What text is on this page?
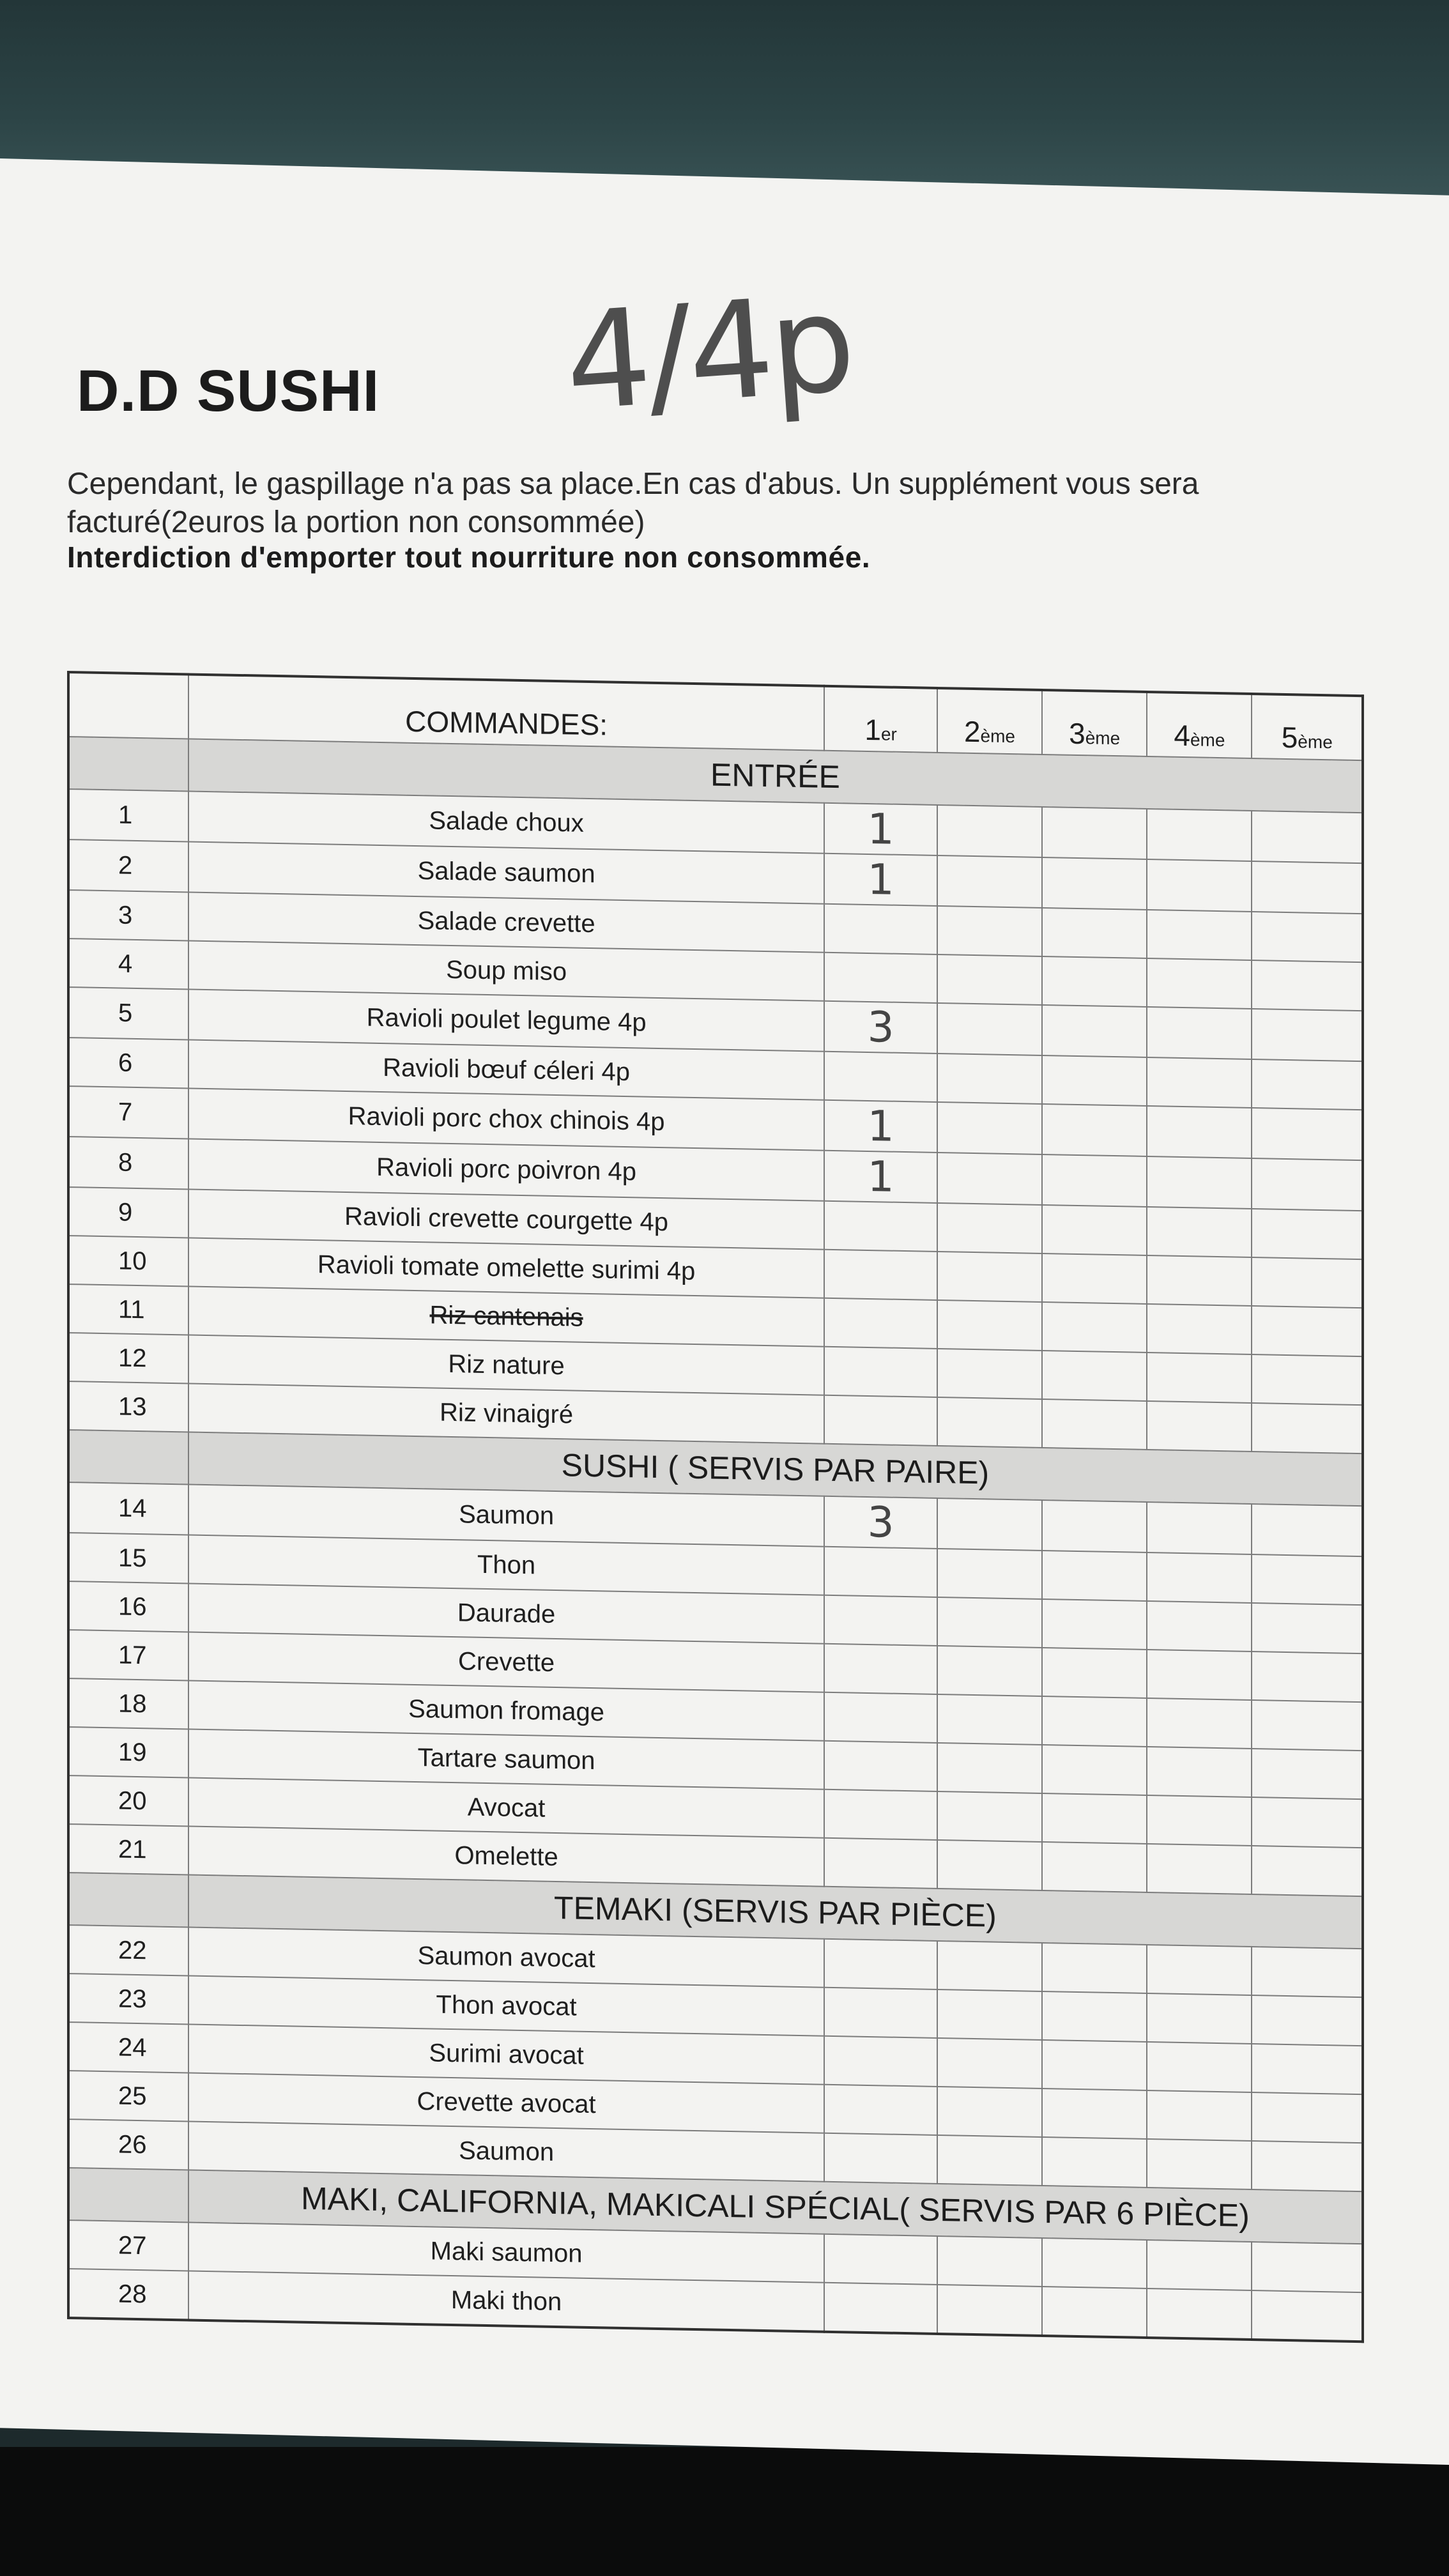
D.D SUSHI 4/4p
Cependant, le gaspillage n'a pas sa place.En cas d'abus. Un supplément vous sera
facturé(2euros la portion non consommée)
Interdiction d'emporter tout nourriture non consommée.
	COMMANDES:	1er	2ème	3ème	4ème	5ème
	ENTRÉE					
1	Salade choux	1				
2	Salade saumon	1				
3	Salade crevette					
4	Soup miso					
5	Ravioli poulet legume 4p	3				
6	Ravioli bœuf céleri 4p					
7	Ravioli porc chox chinois 4p	1				
8	Ravioli porc poivron 4p	1				
9	Ravioli crevette courgette 4p					
10	Ravioli tomate omelette surimi 4p					
11	Riz cantenais					
12	Riz nature					
13	Riz vinaigré					
	SUSHI ( SERVIS PAR PAIRE)					
14	Saumon	3				
15	Thon					
16	Daurade					
17	Crevette					
18	Saumon fromage					
19	Tartare saumon					
20	Avocat					
21	Omelette					
	TEMAKI (SERVIS PAR PIÈCE)					
22	Saumon avocat					
23	Thon avocat					
24	Surimi avocat					
25	Crevette avocat					
26	Saumon					
	MAKI, CALIFORNIA, MAKICALI SPÉCIAL( SERVIS PAR 6 PIÈCE)					
27	Maki saumon					
28	Maki thon					
